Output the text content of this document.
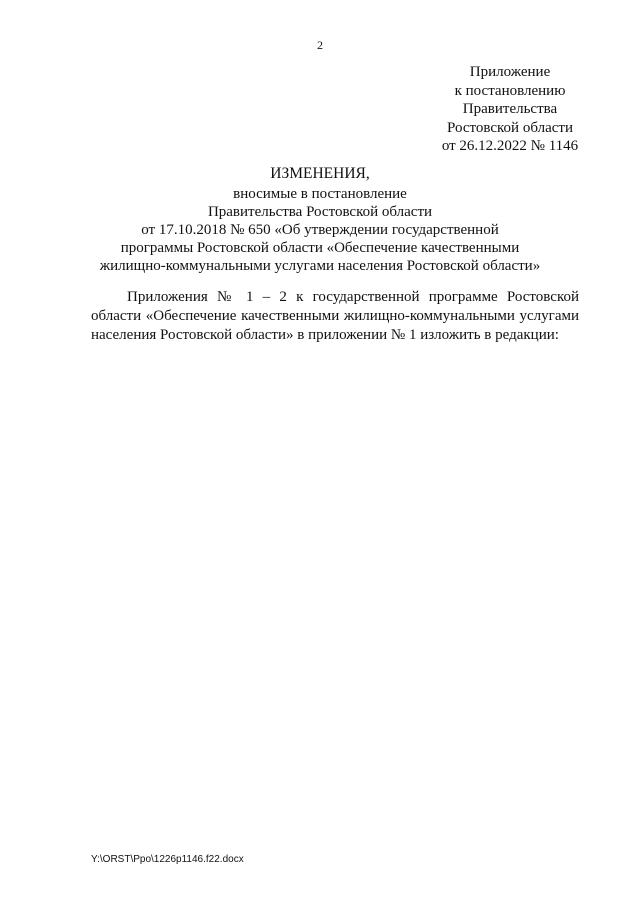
2
Приложение
к постановлению
Правительства
Ростовской области
от 26.12.2022 № 1146
ИЗМЕНЕНИЯ,
вносимые в постановление
Правительства Ростовской области
от 17.10.2018 № 650 «Об утверждении государственной
программы Ростовской области «Обеспечение качественными
жилищно-коммунальными услугами населения Ростовской области»

Приложения № 1 – 2 к государственной программе Ростовской области «Обеспечение качественными жилищно-коммунальными услугами населения Ростовской области» в приложении № 1 изложить в редакции:

Y:\ORST\Ppo\1226p1146.f22.docx
